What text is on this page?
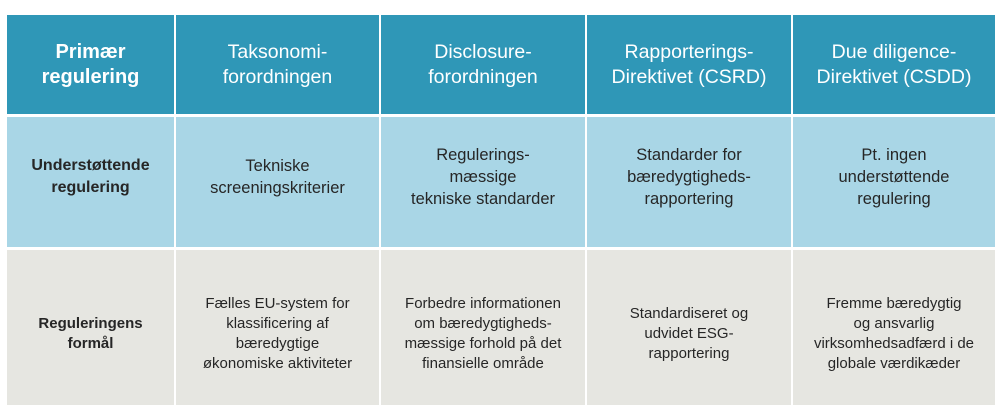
Primær
regulering
Taksonomi-
forordningen
Disclosure-
forordningen
Rapporterings-
Direktivet (CSRD)
Due diligence-
Direktivet (CSDD)
Understøttende
regulering
Tekniske
screeningskriterier
Regulerings-
mæssige
tekniske standarder
Standarder for
bæredygtigheds-
rapportering
Pt. ingen
understøttende
regulering
Reguleringens
formål
Fælles EU-system for
klassificering af
bæredygtige
økonomiske aktiviteter
Forbedre informationen
om bæredygtigheds-
mæssige forhold på det
finansielle område
Standardiseret og
udvidet ESG-
rapportering
Fremme bæredygtig
og ansvarlig
virksomhedsadfærd i de
globale værdikæder
